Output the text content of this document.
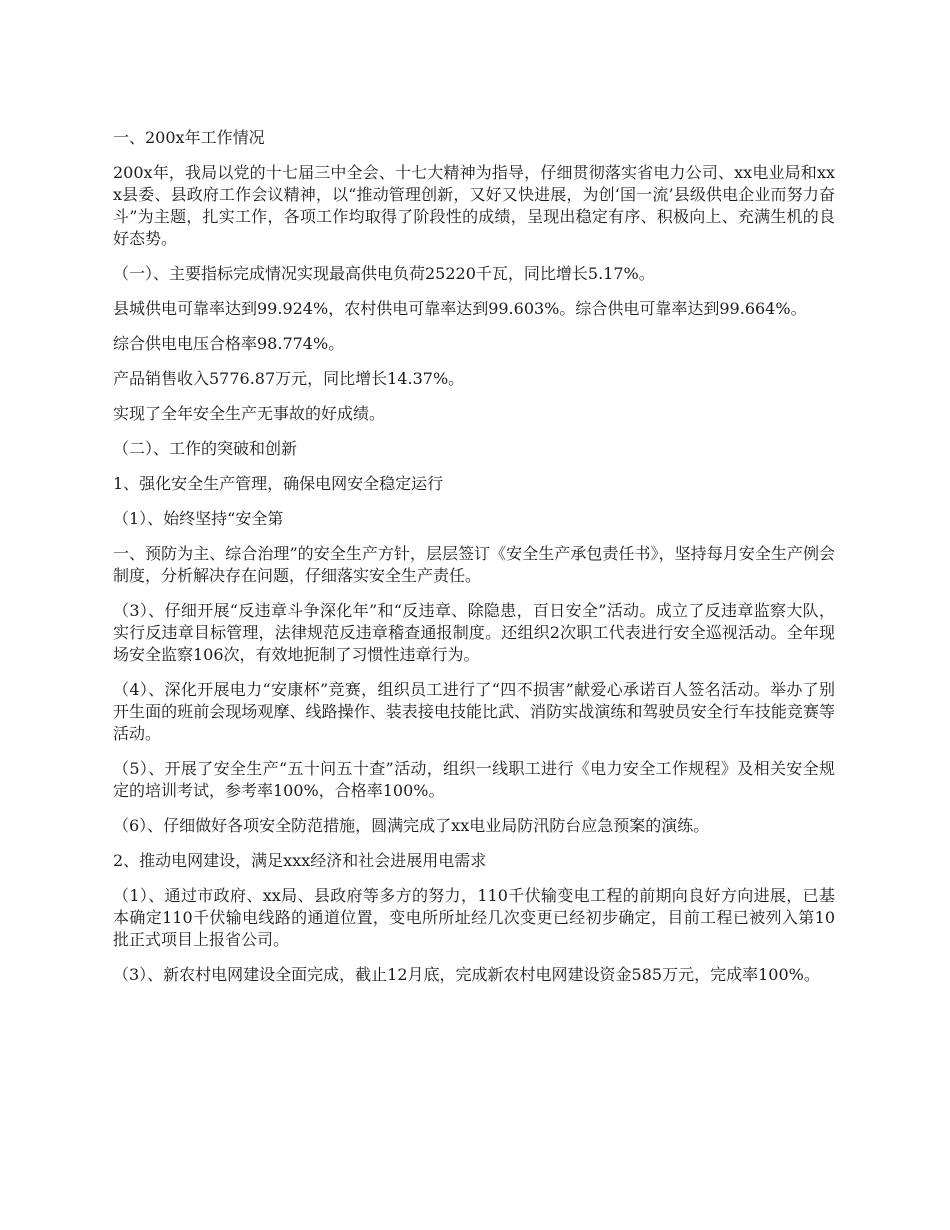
一、200x年工作情况

200x年，我局以党的十七届三中全会、十七大精神为指导，仔细贯彻落实省电力公司、xx电业局和xxx县委、县政府工作会议精神，以“推动管理创新，又好又快进展，为创‘国一流’县级供电企业而努力奋斗”为主题，扎实工作，各项工作均取得了阶段性的成绩，呈现出稳定有序、积极向上、充满生机的良好态势。

（一）、主要指标完成情况实现最高供电负荷25220千瓦，同比增长5.17%。

县城供电可靠率达到99.924%，农村供电可靠率达到99.603%。综合供电可靠率达到99.664%。

综合供电电压合格率98.774%。

产品销售收入5776.87万元，同比增长14.37%。

实现了全年安全生产无事故的好成绩。

（二）、工作的突破和创新

1、强化安全生产管理，确保电网安全稳定运行

（1）、始终坚持“安全第

一、预防为主、综合治理”的安全生产方针，层层签订《安全生产承包责任书》，坚持每月安全生产例会制度，分析解决存在问题，仔细落实安全生产责任。

（3）、仔细开展“反违章斗争深化年”和“反违章、除隐患，百日安全”活动。成立了反违章监察大队，实行反违章目标管理，法律规范反违章稽查通报制度。还组织2次职工代表进行安全巡视活动。全年现场安全监察106次，有效地扼制了习惯性违章行为。

（4）、深化开展电力“安康杯”竞赛，组织员工进行了“四不损害”献爱心承诺百人签名活动。举办了别开生面的班前会现场观摩、线路操作、装表接电技能比武、消防实战演练和驾驶员安全行车技能竞赛等活动。

（5）、开展了安全生产“五十问五十查”活动，组织一线职工进行《电力安全工作规程》及相关安全规定的培训考试，参考率100%，合格率100%。

（6）、仔细做好各项安全防范措施，圆满完成了xx电业局防汛防台应急预案的演练。

2、推动电网建设，满足xxx经济和社会进展用电需求

（1）、通过市政府、xx局、县政府等多方的努力，110千伏输变电工程的前期向良好方向进展，已基本确定110千伏输电线路的通道位置，变电所所址经几次变更已经初步确定，目前工程已被列入第10批正式项目上报省公司。

（3）、新农村电网建设全面完成，截止12月底，完成新农村电网建设资金585万元，完成率100%。
